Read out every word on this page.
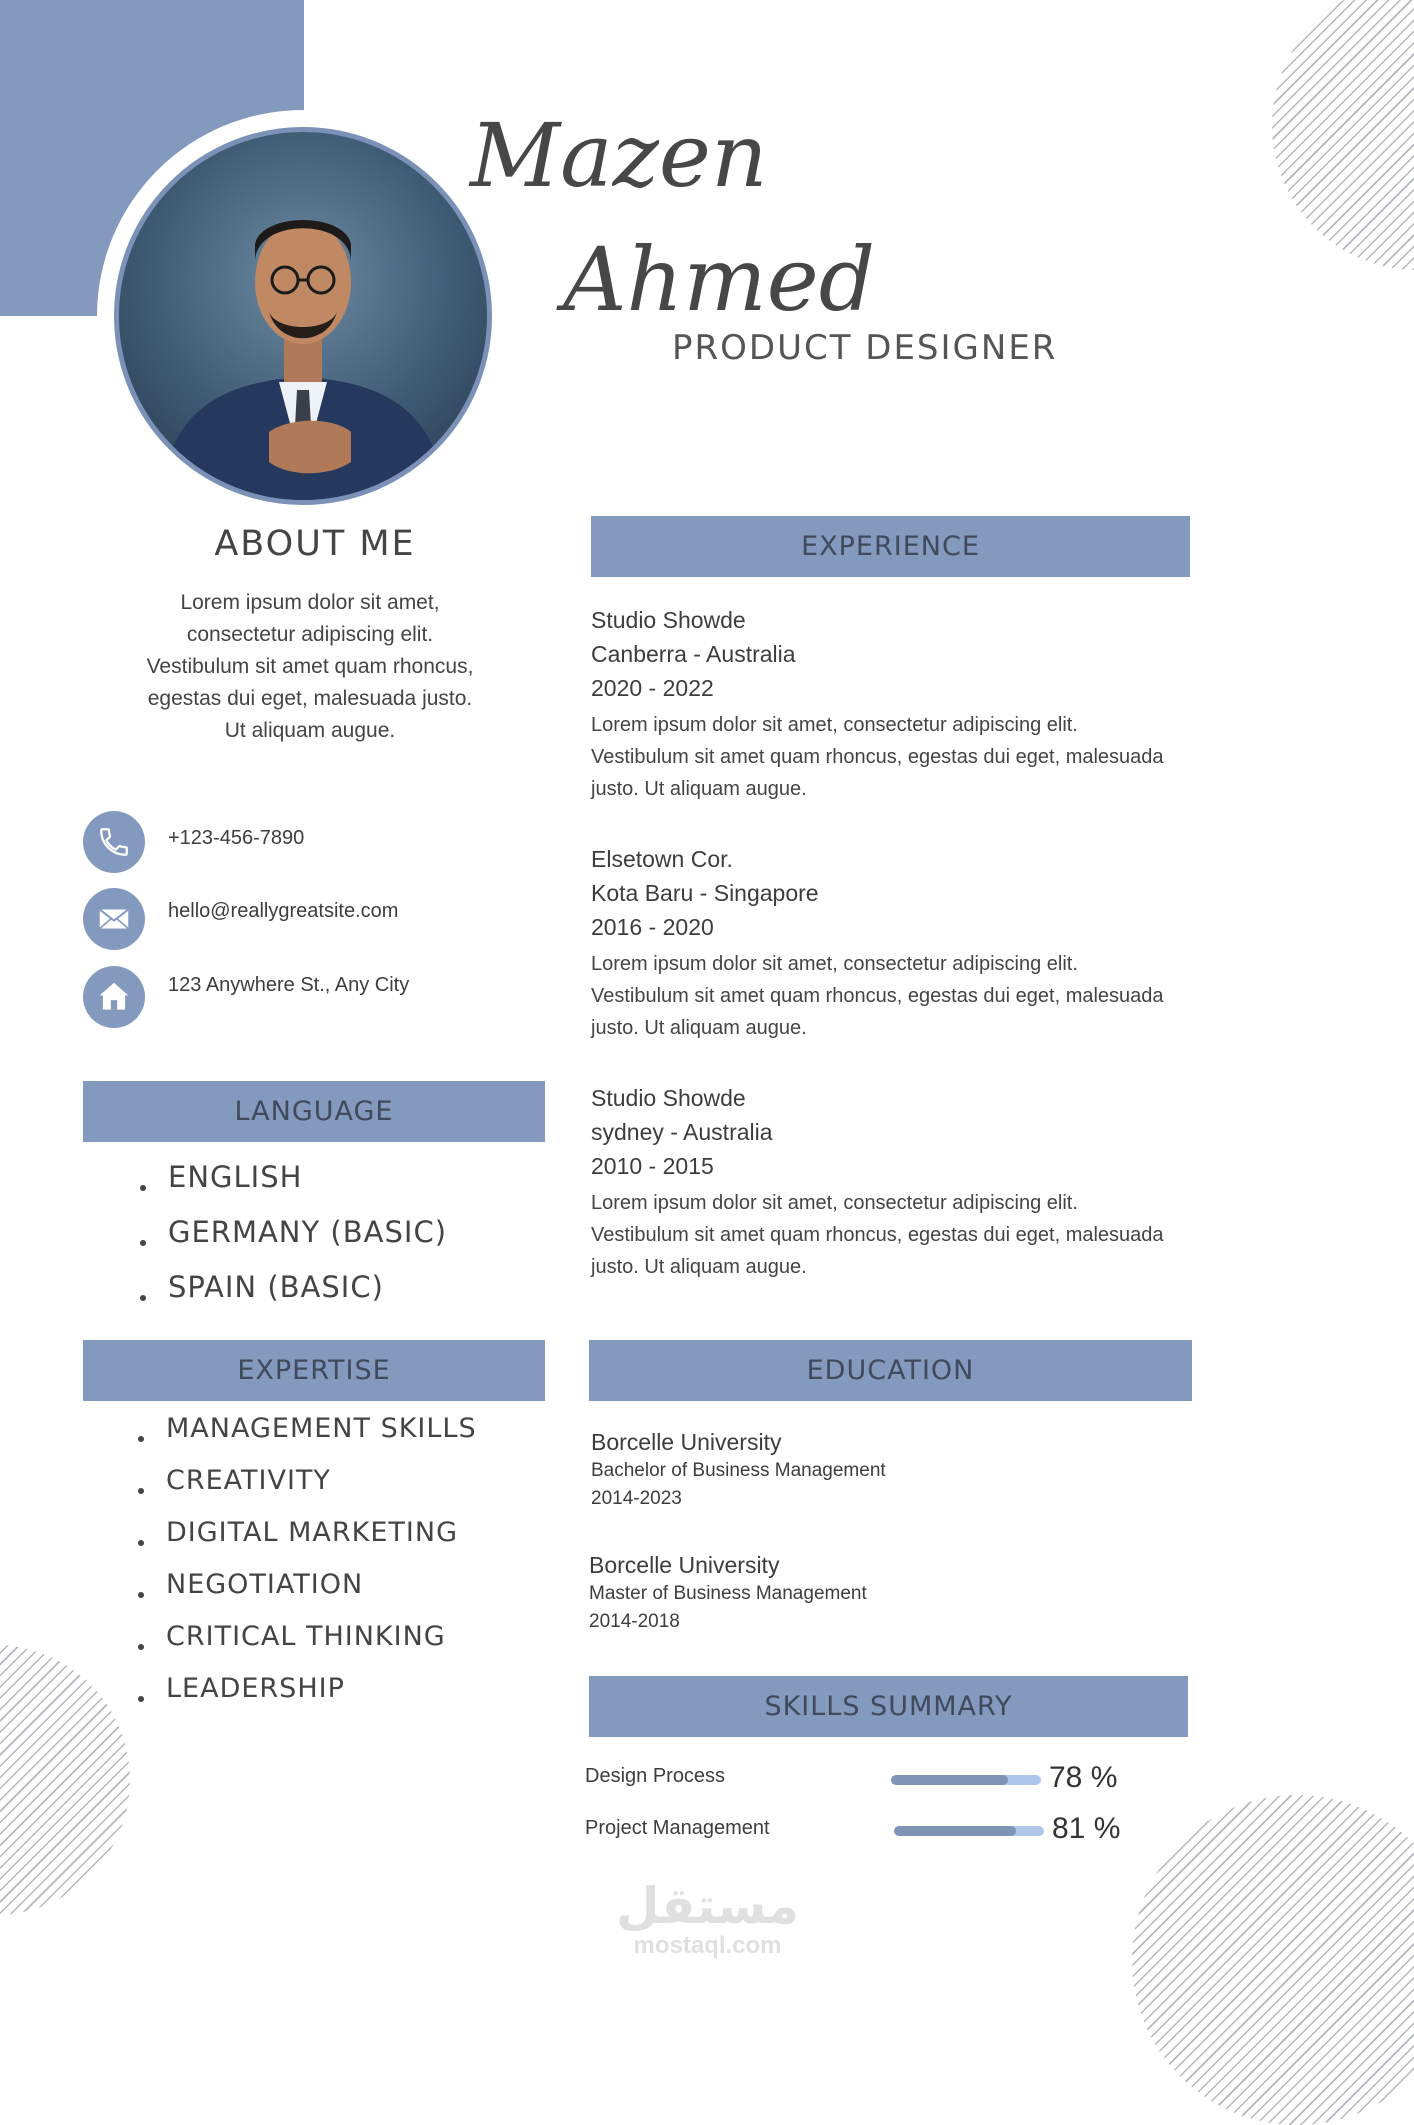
Mazen
Ahmed
PRODUCT DESIGNER
ABOUT ME
Lorem ipsum dolor sit amet,
consectetur adipiscing elit.
Vestibulum sit amet quam rhoncus,
egestas dui eget, malesuada justo.
Ut aliquam augue.
+123-456-7890
hello@reallygreatsite.com
123 Anywhere St., Any City
LANGUAGE
ENGLISH
GERMANY (BASIC)
SPAIN (BASIC)
EXPERTISE
MANAGEMENT SKILLS
CREATIVITY
DIGITAL MARKETING
NEGOTIATION
CRITICAL THINKING
LEADERSHIP
EXPERIENCE
Studio Showde
Canberra - Australia
2020 - 2022
Lorem ipsum dolor sit amet, consectetur adipiscing elit.
Vestibulum sit amet quam rhoncus, egestas dui eget, malesuada
justo. Ut aliquam augue.
Elsetown Cor.
Kota Baru - Singapore
2016 - 2020
Lorem ipsum dolor sit amet, consectetur adipiscing elit.
Vestibulum sit amet quam rhoncus, egestas dui eget, malesuada
justo. Ut aliquam augue.
Studio Showde
sydney - Australia
2010 - 2015
Lorem ipsum dolor sit amet, consectetur adipiscing elit.
Vestibulum sit amet quam rhoncus, egestas dui eget, malesuada
justo. Ut aliquam augue.
EDUCATION
Borcelle University
Bachelor of Business Management
2014-2023
Borcelle University
Master of Business Management
2014-2018
SKILLS SUMMARY
Design Process	78 %
Project Management	81 %
مستقل
mostaql.com
